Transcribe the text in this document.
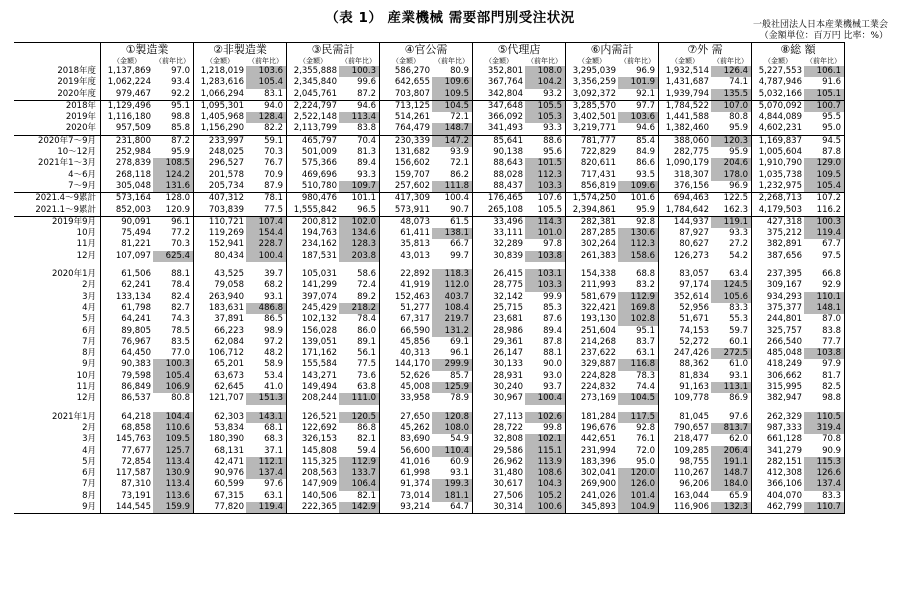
（表 1） 産業機械 需要部門別受注状況	一般社団法人日本産業機械工業会
（金額単位：百万円 比率：%）
	①製造業		②非製造業		③民需計		④官公需		⑤代理店		⑥内需計		⑦外 需		⑧総 額	
	（金額）	（前年比）	（金額）	（前年比）	（金額）	（前年比）	（金額）	（前年比）	（金額）	（前年比）	（金額）	（前年比）	（金額）	（前年比）	（金額）	（前年比）
2018年度	1,137,869	97.0	1,218,019	103.6	2,355,888	100.3	586,270	80.9	352,801	108.0	3,295,039	96.9	1,932,514	126.4	5,227,553	106.1
2019年度	1,062,224	93.4	1,283,616	105.4	2,345,840	99.6	642,655	109.6	367,764	104.2	3,356,259	101.9	1,431,687	74.1	4,787,946	91.6
2020年度	979,467	92.2	1,066,294	83.1	2,045,761	87.2	703,807	109.5	342,804	93.2	3,092,372	92.1	1,939,794	135.5	5,032,166	105.1
2018年	1,129,496	95.1	1,095,301	94.0	2,224,797	94.6	713,125	104.5	347,648	105.5	3,285,570	97.7	1,784,522	107.0	5,070,092	100.7
2019年	1,116,180	98.8	1,405,968	128.4	2,522,148	113.4	514,261	72.1	366,092	105.3	3,402,501	103.6	1,441,588	80.8	4,844,089	95.5
2020年	957,509	85.8	1,156,290	82.2	2,113,799	83.8	764,479	148.7	341,493	93.3	3,219,771	94.6	1,382,460	95.9	4,602,231	95.0
2020年7～9月	231,800	87.2	233,997	59.1	465,797	70.4	230,339	147.2	85,641	88.6	781,777	85.4	388,060	120.3	1,169,837	94.5
10～12月	252,984	95.9	248,025	70.3	501,009	81.3	131,682	93.9	90,138	95.6	722,829	84.9	282,775	95.9	1,005,604	87.8
2021年1～3月	278,839	108.5	296,527	76.7	575,366	89.4	156,602	72.1	88,643	101.5	820,611	86.6	1,090,179	204.6	1,910,790	129.0
4～6月	268,118	124.2	201,578	70.9	469,696	93.3	159,707	86.2	88,028	112.3	717,431	93.5	318,307	178.0	1,035,738	109.5
7～9月	305,048	131.6	205,734	87.9	510,780	109.7	257,602	111.8	88,437	103.3	856,819	109.6	376,156	96.9	1,232,975	105.4
2021.4～9累計	573,164	128.0	407,312	78.1	980,476	101.1	417,309	100.4	176,465	107.6	1,574,250	101.6	694,463	122.5	2,268,713	107.2
2021.1～9累計	852,003	120.9	703,839	77.5	1,555,842	96.5	573,911	90.7	265,108	105.5	2,394,861	95.9	1,784,642	162.3	4,179,503	116.2
2019年9月	90,091	96.1	110,721	107.4	200,812	102.0	48,073	61.5	33,496	114.3	282,381	92.8	144,937	119.1	427,318	100.3
10月	75,494	77.2	119,269	154.4	194,763	134.6	61,411	138.1	33,111	101.0	287,285	130.6	87,927	93.3	375,212	119.4
11月	81,221	70.3	152,941	228.7	234,162	128.3	35,813	66.7	32,289	97.8	302,264	112.3	80,627	27.2	382,891	67.7
12月	107,097	625.4	80,434	100.4	187,531	203.8	43,013	99.7	30,839	103.8	261,383	158.6	126,273	54.2	387,656	97.5

2020年1月	61,506	88.1	43,525	39.7	105,031	58.6	22,892	118.3	26,415	103.1	154,338	68.8	83,057	63.4	237,395	66.8
2月	62,241	78.4	79,058	68.2	141,299	72.4	41,919	112.0	28,775	103.3	211,993	83.2	97,174	124.5	309,167	92.9
3月	133,134	82.4	263,940	93.1	397,074	89.2	152,463	403.7	32,142	99.9	581,679	112.9	352,614	105.6	934,293	110.1
4月	61,798	82.7	183,631	486.8	245,429	218.2	51,277	108.4	25,715	85.3	322,421	169.8	52,956	83.3	375,377	148.1
5月	64,241	74.3	37,891	86.5	102,132	78.4	67,317	219.7	23,681	87.6	193,130	102.8	51,671	55.3	244,801	87.0
6月	89,805	78.5	66,223	98.9	156,028	86.0	66,590	131.2	28,986	89.4	251,604	95.1	74,153	59.7	325,757	83.8
7月	76,967	83.5	62,084	97.2	139,051	89.1	45,856	69.1	29,361	87.8	214,268	83.7	52,272	60.1	266,540	77.7
8月	64,450	77.0	106,712	48.2	171,162	56.1	40,313	96.1	26,147	88.1	237,622	63.1	247,426	272.5	485,048	103.8
9月	90,383	100.3	65,201	58.9	155,584	77.5	144,170	299.9	30,133	90.0	329,887	116.8	88,362	61.0	418,249	97.9
10月	79,598	105.4	63,673	53.4	143,271	73.6	52,626	85.7	28,931	93.0	224,828	78.3	81,834	93.1	306,662	81.7
11月	86,849	106.9	62,645	41.0	149,494	63.8	45,008	125.9	30,240	93.7	224,832	74.4	91,163	113.1	315,995	82.5
12月	86,537	80.8	121,707	151.3	208,244	111.0	33,958	78.9	30,967	100.4	273,169	104.5	109,778	86.9	382,947	98.8

2021年1月	64,218	104.4	62,303	143.1	126,521	120.5	27,650	120.8	27,113	102.6	181,284	117.5	81,045	97.6	262,329	110.5
2月	68,858	110.6	53,834	68.1	122,692	86.8	45,262	108.0	28,722	99.8	196,676	92.8	790,657	813.7	987,333	319.4
3月	145,763	109.5	180,390	68.3	326,153	82.1	83,690	54.9	32,808	102.1	442,651	76.1	218,477	62.0	661,128	70.8
4月	77,677	125.7	68,131	37.1	145,808	59.4	56,600	110.4	29,586	115.1	231,994	72.0	109,285	206.4	341,279	90.9
5月	72,854	113.4	42,471	112.1	115,325	112.9	41,016	60.9	26,962	113.9	183,396	95.0	98,755	191.1	282,151	115.3
6月	117,587	130.9	90,976	137.4	208,563	133.7	61,998	93.1	31,480	108.6	302,041	120.0	110,267	148.7	412,308	126.6
7月	87,310	113.4	60,599	97.6	147,909	106.4	91,374	199.3	30,617	104.3	269,900	126.0	96,206	184.0	366,106	137.4
8月	73,191	113.6	67,315	63.1	140,506	82.1	73,014	181.1	27,506	105.2	241,026	101.4	163,044	65.9	404,070	83.3
9月	144,545	159.9	77,820	119.4	222,365	142.9	93,214	64.7	30,314	100.6	345,893	104.9	116,906	132.3	462,799	110.7
